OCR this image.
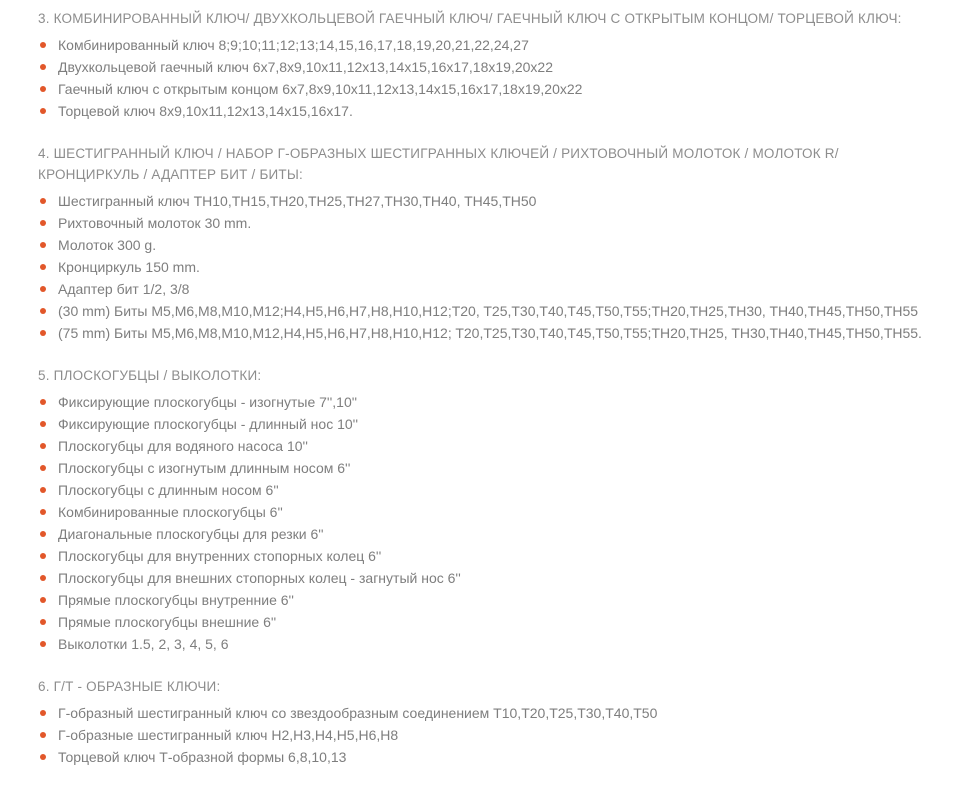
3. КОМБИНИРОВАННЫЙ КЛЮЧ/ ДВУХКОЛЬЦЕВОЙ ГАЕЧНЫЙ КЛЮЧ/ ГАЕЧНЫЙ КЛЮЧ С ОТКРЫТЫМ КОНЦОМ/ ТОРЦЕВОЙ КЛЮЧ:
Комбинированный ключ 8;9;10;11;12;13;14,15,16,17,18,19,20,21,22,24,27
Двухкольцевой гаечный ключ 6х7,8х9,10х11,12х13,14х15,16х17,18х19,20х22
Гаечный ключ с открытым концом 6х7,8х9,10х11,12х13,14х15,16х17,18х19,20х22
Торцевой ключ 8х9,10х11,12х13,14х15,16х17.
4. ШЕСТИГРАННЫЙ КЛЮЧ / НАБОР Г-ОБРАЗНЫХ ШЕСТИГРАННЫХ КЛЮЧЕЙ / РИХТОВОЧНЫЙ МОЛОТОК / МОЛОТОК R/ КРОНЦИРКУЛЬ / АДАПТЕР БИТ / БИТЫ:
Шестигранный ключ TH10,TH15,TH20,TH25,TH27,TH30,TH40, TH45,TH50
Рихтовочный молоток 30 mm.
Молоток 300 g.
Кронциркуль 150 mm.
Адаптер бит 1/2, 3/8
(30 mm) Биты M5,M6,M8,M10,M12;H4,H5,H6,H7,H8,H10,H12;T20, T25,T30,T40,T45,T50,T55;TH20,TH25,TH30, TH40,TH45,TH50,TH55
(75 mm) Биты M5,M6,M8,M10,M12,H4,H5,H6,H7,H8,H10,H12; T20,T25,T30,T40,T45,T50,T55;TH20,TH25, TH30,TH40,TH45,TH50,TH55.
5. ПЛОСКОГУБЦЫ / ВЫКОЛОТКИ:
Фиксирующие плоскогубцы - изогнутые 7'',10''
Фиксирующие плоскогубцы - длинный нос 10''
Плоскогубцы для водяного насоса 10''
Плоскогубцы с изогнутым длинным носом 6''
Плоскогубцы с длинным носом 6''
Комбинированные плоскогубцы 6''
Диагональные плоскогубцы для резки 6''
Плоскогубцы для внутренних стопорных колец 6''
Плоскогубцы для внешних стопорных колец - загнутый нос 6''
Прямые плоскогубцы внутренние 6''
Прямые плоскогубцы внешние 6''
Выколотки 1.5, 2, 3, 4, 5, 6
6. Г/Т - ОБРАЗНЫЕ КЛЮЧИ:
Г-образный шестигранный ключ со звездообразным соединением T10,T20,T25,T30,T40,T50
Г-образные шестигранный ключ H2,H3,H4,H5,H6,H8
Торцевой ключ Т-образной формы 6,8,10,13
